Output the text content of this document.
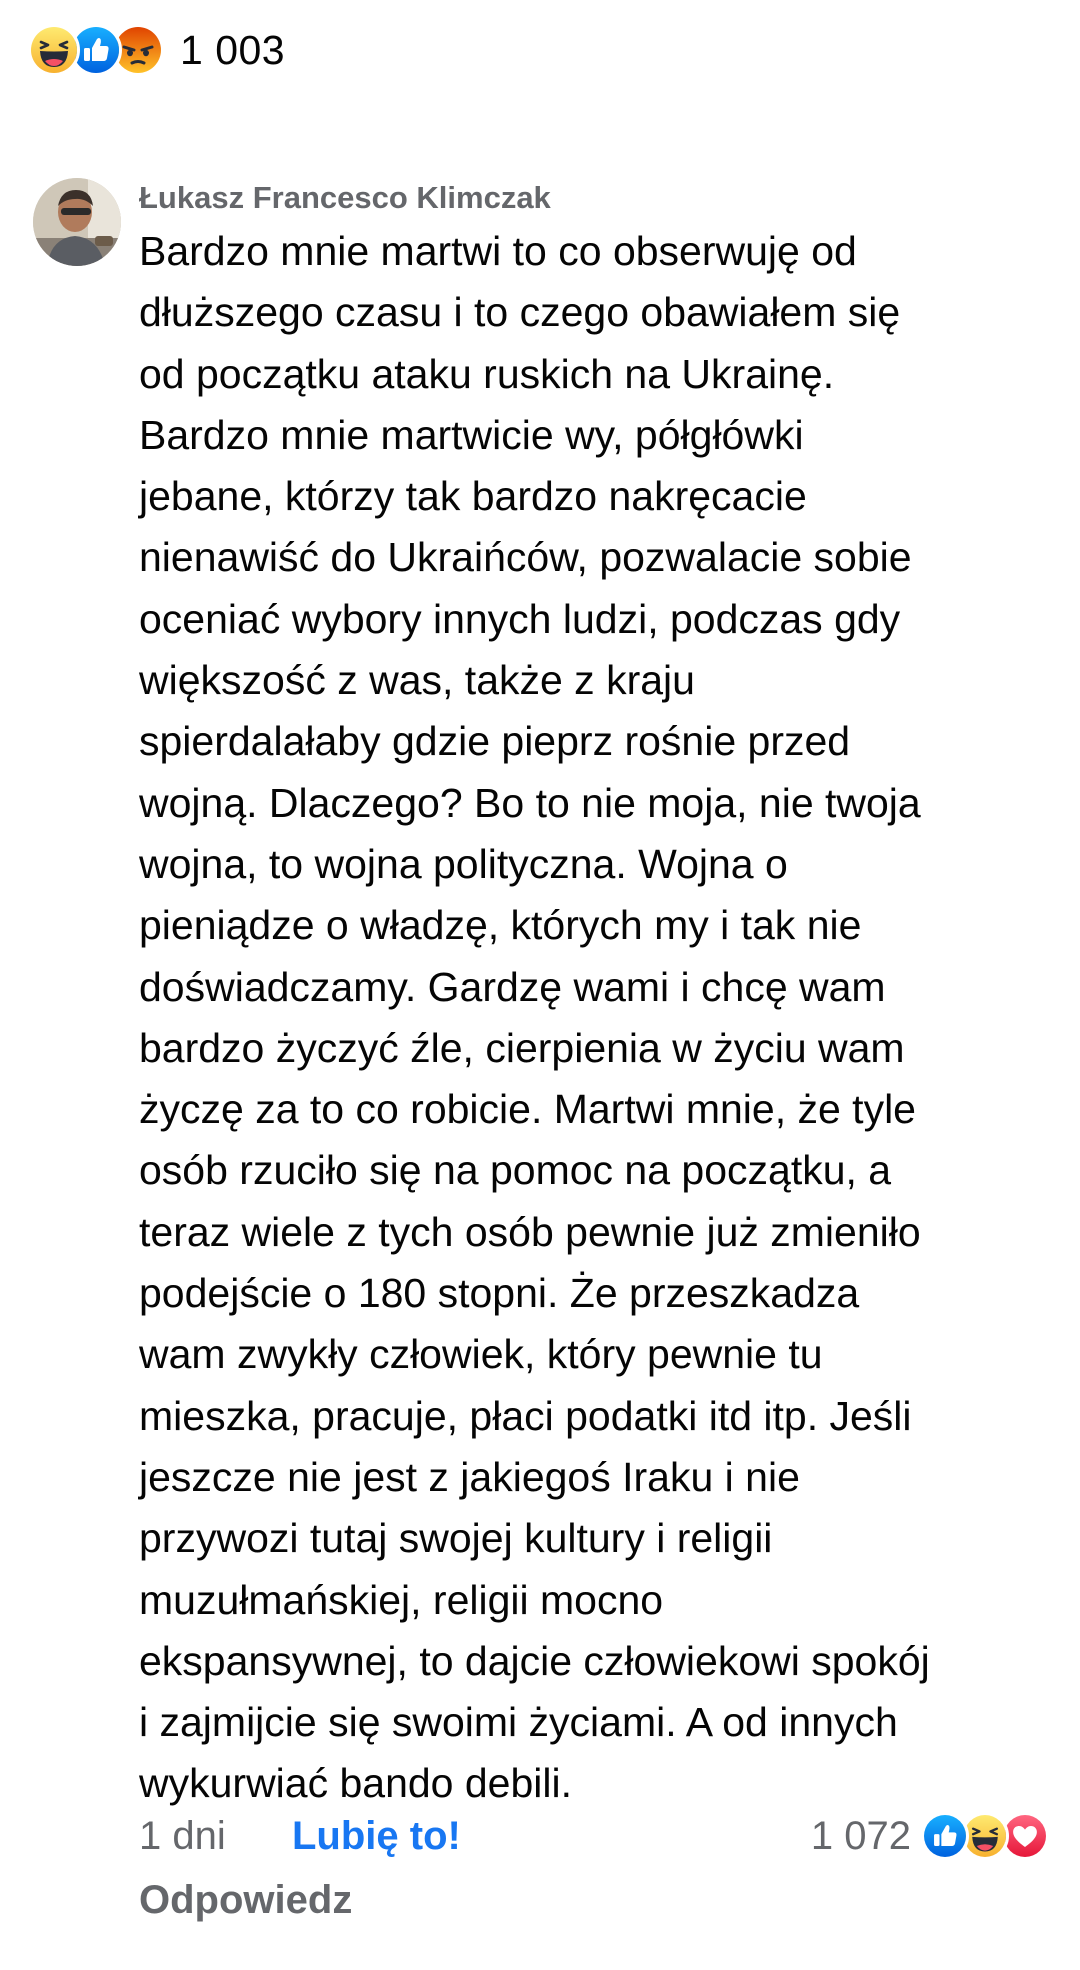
1 003

Łukasz Francesco Klimczak

Bardzo mnie martwi to co obserwuję od
dłuższego czasu i to czego obawiałem się
od początku ataku ruskich na Ukrainę.
Bardzo mnie martwicie wy, półgłówki
jebane, którzy tak bardzo nakręcacie
nienawiść do Ukraińców, pozwalacie sobie
oceniać wybory innych ludzi, podczas gdy
większość z was, także z kraju
spierdalałaby gdzie pieprz rośnie przed
wojną. Dlaczego? Bo to nie moja, nie twoja
wojna, to wojna polityczna. Wojna o
pieniądze o władzę, których my i tak nie
doświadczamy. Gardzę wami i chcę wam
bardzo życzyć źle, cierpienia w życiu wam
życzę za to co robicie. Martwi mnie, że tyle
osób rzuciło się na pomoc na początku, a
teraz wiele z tych osób pewnie już zmieniło
podejście o 180 stopni. Że przeszkadza
wam zwykły człowiek, który pewnie tu
mieszka, pracuje, płaci podatki itd itp. Jeśli
jeszcze nie jest z jakiegoś Iraku i nie
przywozi tutaj swojej kultury i religii
muzułmańskiej, religii mocno
ekspansywnej, to dajcie człowiekowi spokój
i zajmijcie się swoimi życiami. A od innych
wykurwiać bando debili.

1 dni Lubię to!	1 072
Odpowiedz
